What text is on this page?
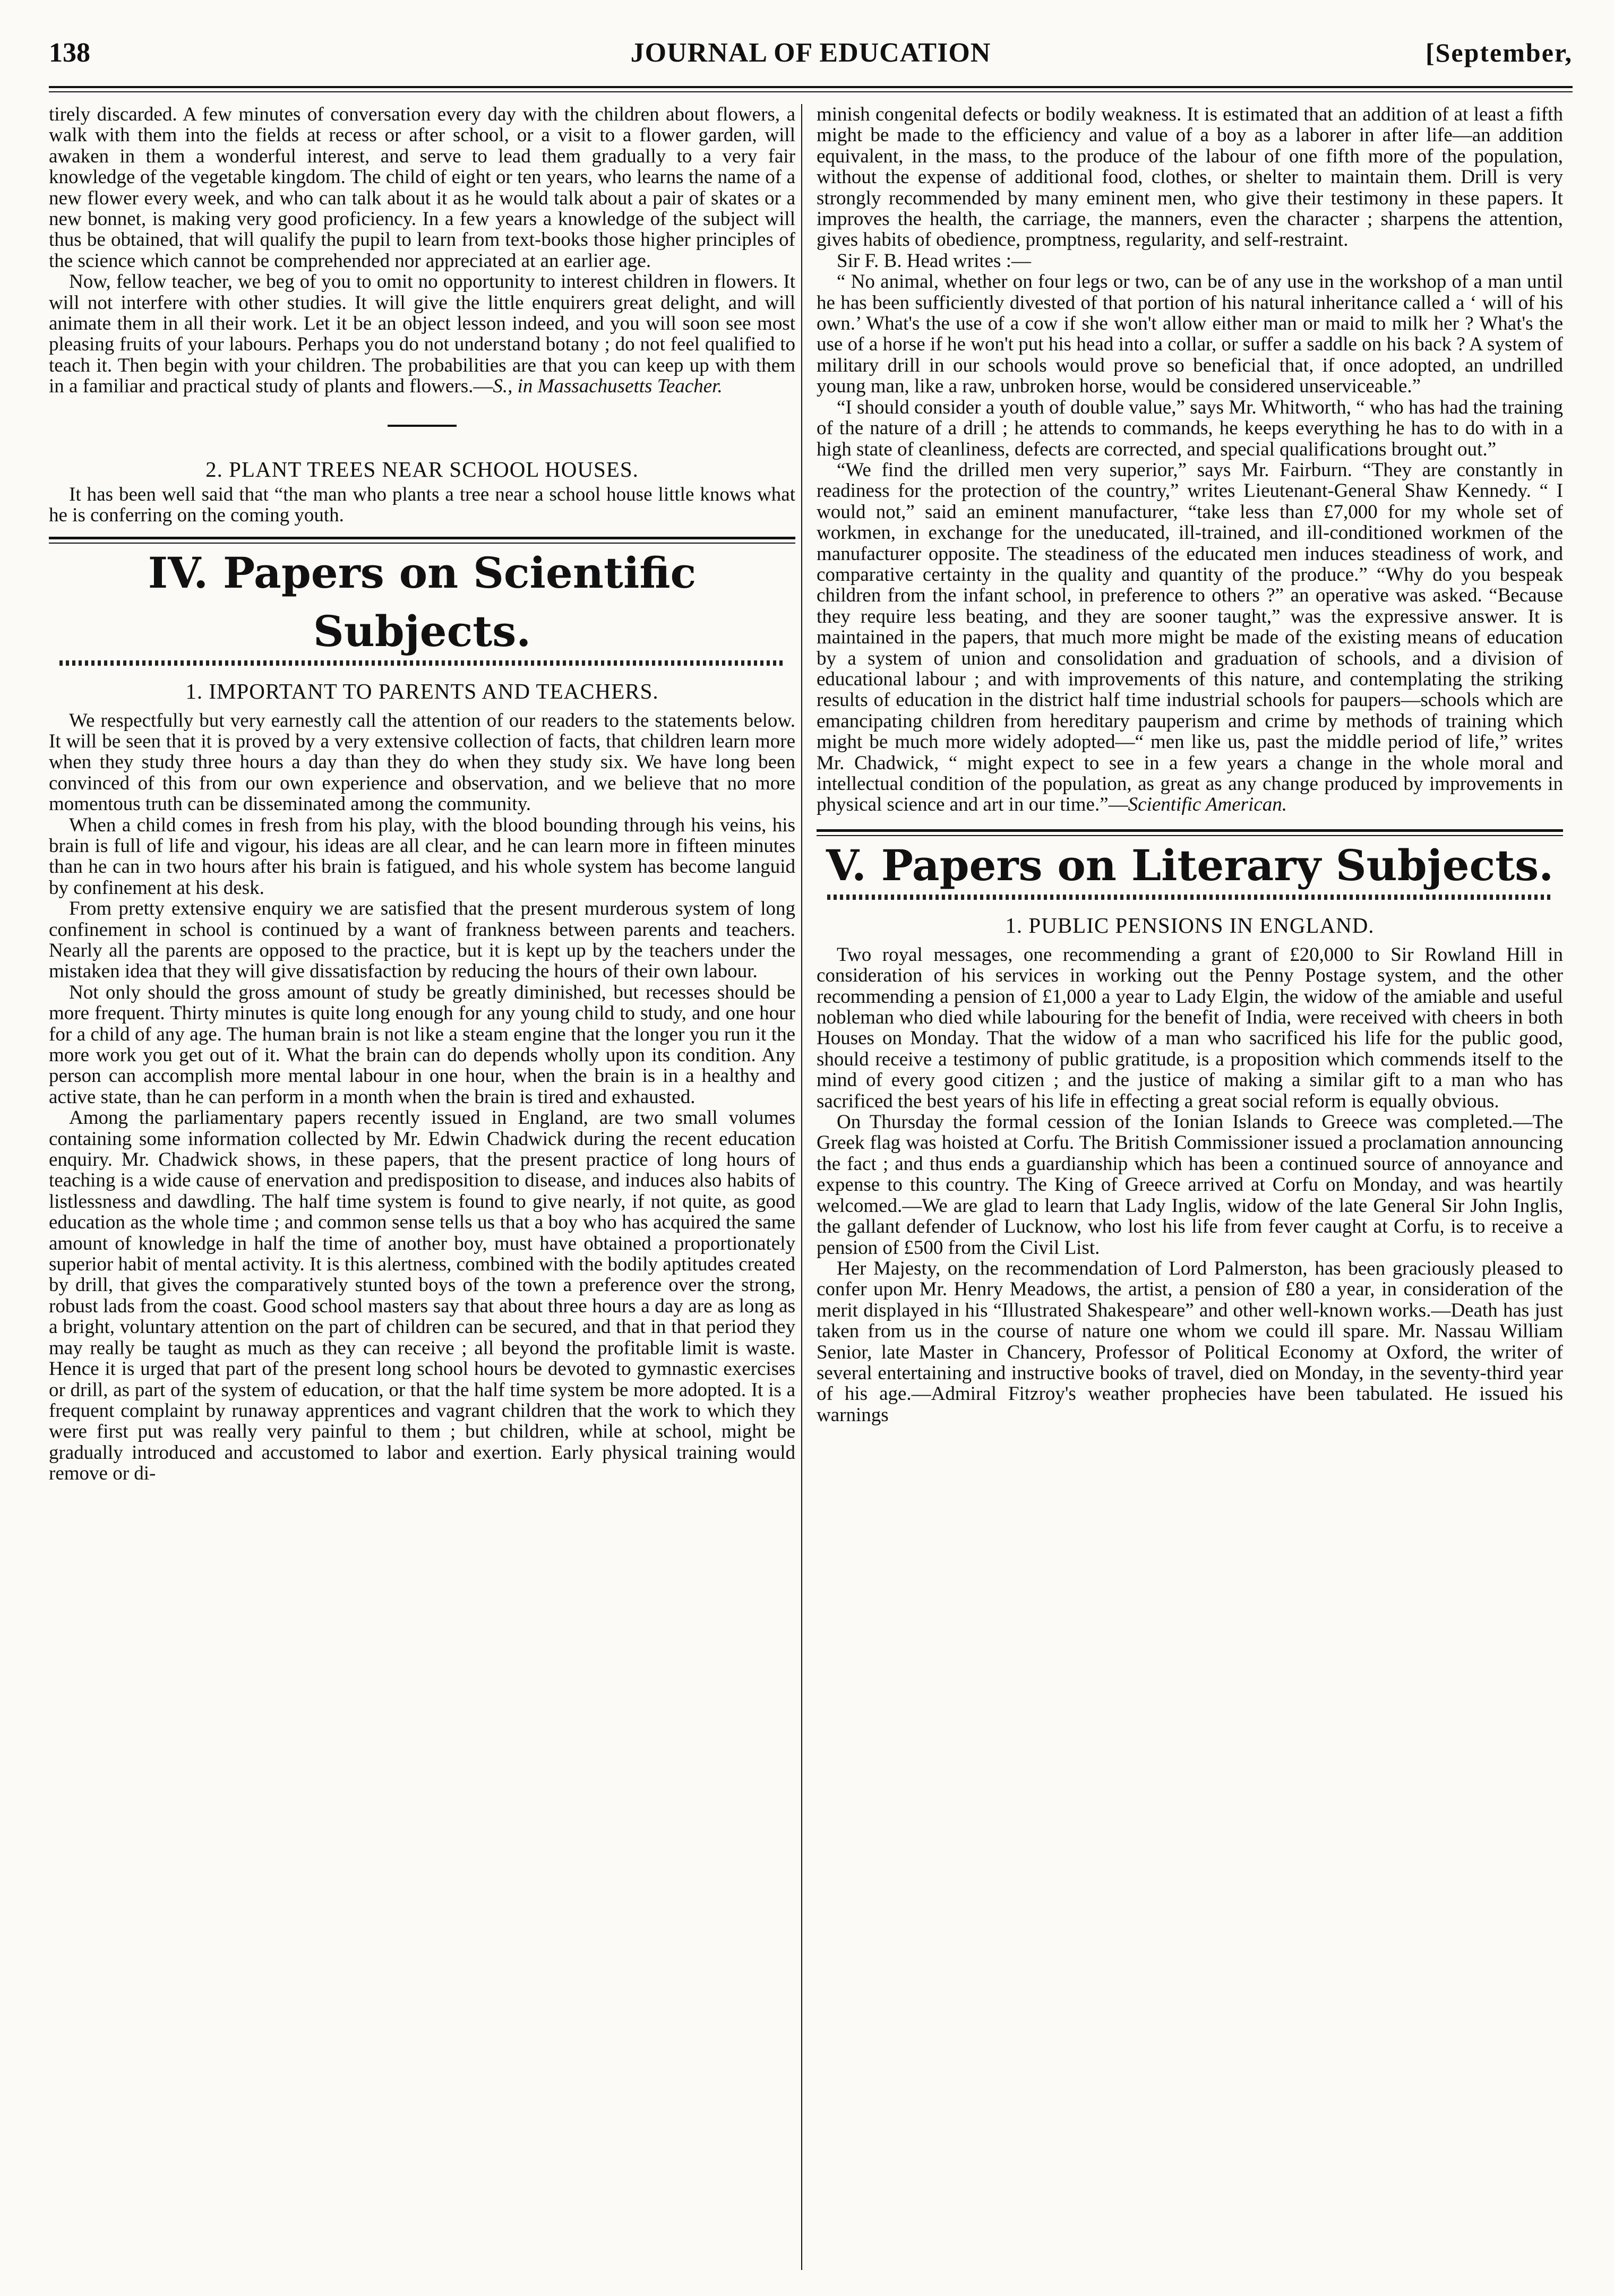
JOURNAL OF EDUCATION
138	[September,

tirely discarded. A few minutes of conversation every day with the children about flowers, a walk with them into the fields at recess or after school, or a visit to a flower garden, will awaken in them a wonderful interest, and serve to lead them gradually to a very fair knowledge of the vegetable kingdom. The child of eight or ten years, who learns the name of a new flower every week, and who can talk about it as he would talk about a pair of skates or a new bonnet, is making very good proficiency. In a few years a knowledge of the subject will thus be obtained, that will qualify the pupil to learn from text-books those higher principles of the science which cannot be comprehended nor appreciated at an earlier age.

Now, fellow teacher, we beg of you to omit no opportunity to interest children in flowers. It will not interfere with other studies. It will give the little enquirers great delight, and will animate them in all their work. Let it be an object lesson indeed, and you will soon see most pleasing fruits of your labours. Perhaps you do not understand botany ; do not feel qualified to teach it. Then begin with your children. The probabilities are that you can keep up with them in a familiar and practical study of plants and flowers.—S., in Massachusetts Teacher.

2. PLANT TREES NEAR SCHOOL HOUSES.

It has been well said that “the man who plants a tree near a school house little knows what he is conferring on the coming youth.

IV. Papers on Scientific Subjects.
1. IMPORTANT TO PARENTS AND TEACHERS.

We respectfully but very earnestly call the attention of our readers to the statements below. It will be seen that it is proved by a very extensive collection of facts, that children learn more when they study three hours a day than they do when they study six. We have long been convinced of this from our own experience and observation, and we believe that no more momentous truth can be disseminated among the community.

When a child comes in fresh from his play, with the blood bounding through his veins, his brain is full of life and vigour, his ideas are all clear, and he can learn more in fifteen minutes than he can in two hours after his brain is fatigued, and his whole system has become languid by confinement at his desk.

From pretty extensive enquiry we are satisfied that the present murderous system of long confinement in school is continued by a want of frankness between parents and teachers. Nearly all the parents are opposed to the practice, but it is kept up by the teachers under the mistaken idea that they will give dissatisfaction by reducing the hours of their own labour.

Not only should the gross amount of study be greatly diminished, but recesses should be more frequent. Thirty minutes is quite long enough for any young child to study, and one hour for a child of any age. The human brain is not like a steam engine that the longer you run it the more work you get out of it. What the brain can do depends wholly upon its condition. Any person can accomplish more mental labour in one hour, when the brain is in a healthy and active state, than he can perform in a month when the brain is tired and exhausted.

Among the parliamentary papers recently issued in England, are two small volumes containing some information collected by Mr. Edwin Chadwick during the recent education enquiry. Mr. Chadwick shows, in these papers, that the present practice of long hours of teaching is a wide cause of enervation and predisposition to disease, and induces also habits of listlessness and dawdling. The half time system is found to give nearly, if not quite, as good education as the whole time ; and common sense tells us that a boy who has acquired the same amount of knowledge in half the time of another boy, must have obtained a proportionately superior habit of mental activity. It is this alertness, combined with the bodily aptitudes created by drill, that gives the comparatively stunted boys of the town a preference over the strong, robust lads from the coast. Good school masters say that about three hours a day are as long as a bright, voluntary attention on the part of children can be secured, and that in that period they may really be taught as much as they can receive ; all beyond the profitable limit is waste. Hence it is urged that part of the present long school hours be devoted to gymnastic exercises or drill, as part of the system of education, or that the half time system be more adopted. It is a frequent complaint by runaway apprentices and vagrant children that the work to which they were first put was really very painful to them ; but children, while at school, might be gradually introduced and accustomed to labor and exertion. Early physical training would remove or di-

minish congenital defects or bodily weakness. It is estimated that an addition of at least a fifth might be made to the efficiency and value of a boy as a laborer in after life—an addition equivalent, in the mass, to the produce of the labour of one fifth more of the population, without the expense of additional food, clothes, or shelter to maintain them. Drill is very strongly recommended by many eminent men, who give their testimony in these papers. It improves the health, the carriage, the manners, even the character ; sharpens the attention, gives habits of obedience, promptness, regularity, and self-restraint.

Sir F. B. Head writes :—

“ No animal, whether on four legs or two, can be of any use in the workshop of a man until he has been sufficiently divested of that portion of his natural inheritance called a ‘ will of his own.’ What's the use of a cow if she won't allow either man or maid to milk her ? What's the use of a horse if he won't put his head into a collar, or suffer a saddle on his back ? A system of military drill in our schools would prove so beneficial that, if once adopted, an undrilled young man, like a raw, unbroken horse, would be considered unserviceable.”

“I should consider a youth of double value,” says Mr. Whitworth, “ who has had the training of the nature of a drill ; he attends to commands, he keeps everything he has to do with in a high state of cleanliness, defects are corrected, and special qualifications brought out.”

“We find the drilled men very superior,” says Mr. Fairburn. “They are constantly in readiness for the protection of the country,” writes Lieutenant-General Shaw Kennedy. “ I would not,” said an eminent manufacturer, “take less than £7,000 for my whole set of workmen, in exchange for the uneducated, ill-trained, and ill-conditioned workmen of the manufacturer opposite. The steadiness of the educated men induces steadiness of work, and comparative certainty in the quality and quantity of the produce.” “Why do you bespeak children from the infant school, in preference to others ?” an operative was asked. “Because they require less beating, and they are sooner taught,” was the expressive answer. It is maintained in the papers, that much more might be made of the existing means of education by a system of union and consolidation and graduation of schools, and a division of educational labour ; and with improvements of this nature, and contemplating the striking results of education in the district half time industrial schools for paupers—schools which are emancipating children from hereditary pauperism and crime by methods of training which might be much more widely adopted—“ men like us, past the middle period of life,” writes Mr. Chadwick, “ might expect to see in a few years a change in the whole moral and intellectual condition of the population, as great as any change produced by improvements in physical science and art in our time.”—Scientific American.

V. Papers on Literary Subjects.
1. PUBLIC PENSIONS IN ENGLAND.

Two royal messages, one recommending a grant of £20,000 to Sir Rowland Hill in consideration of his services in working out the Penny Postage system, and the other recommending a pension of £1,000 a year to Lady Elgin, the widow of the amiable and useful nobleman who died while labouring for the benefit of India, were received with cheers in both Houses on Monday. That the widow of a man who sacrificed his life for the public good, should receive a testimony of public gratitude, is a proposition which commends itself to the mind of every good citizen ; and the justice of making a similar gift to a man who has sacrificed the best years of his life in effecting a great social reform is equally obvious.

On Thursday the formal cession of the Ionian Islands to Greece was completed.—The Greek flag was hoisted at Corfu. The British Commissioner issued a proclamation announcing the fact ; and thus ends a guardianship which has been a continued source of annoyance and expense to this country. The King of Greece arrived at Corfu on Monday, and was heartily welcomed.—We are glad to learn that Lady Inglis, widow of the late General Sir John Inglis, the gallant defender of Lucknow, who lost his life from fever caught at Corfu, is to receive a pension of £500 from the Civil List.

Her Majesty, on the recommendation of Lord Palmerston, has been graciously pleased to confer upon Mr. Henry Meadows, the artist, a pension of £80 a year, in consideration of the merit displayed in his “Illustrated Shakespeare” and other well-known works.—Death has just taken from us in the course of nature one whom we could ill spare. Mr. Nassau William Senior, late Master in Chancery, Professor of Political Economy at Oxford, the writer of several entertaining and instructive books of travel, died on Monday, in the seventy-third year of his age.—Admiral Fitzroy's weather prophecies have been tabulated. He issued his warnings
